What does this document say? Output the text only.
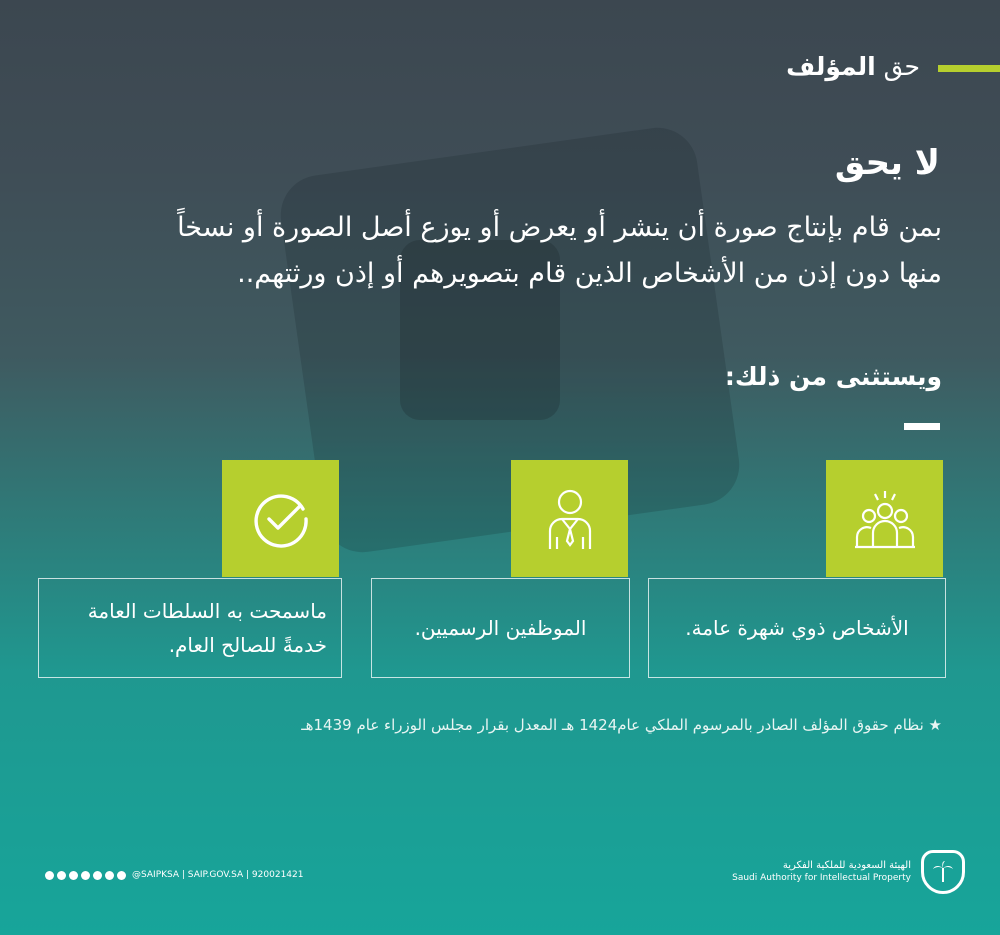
حق المؤلف
لا يحق
بمن قام بإنتاج صورة أن ينشر أو يعرض أو يوزع أصل الصورة أو نسخاً منها دون إذن من الأشخاص الذين قام بتصويرهم أو إذن ورثتهم..
ويستثنى من ذلك:
الأشخاص ذوي شهرة عامة.
الموظفين الرسميين.
ماسمحت به السلطات العامة خدمةً للصالح العام.
★ نظام حقوق المؤلف الصادر بالمرسوم الملكي عام1424 هـ المعدل بقرار مجلس الوزراء عام 1439هـ
@SAIPKSA | SAIP.GOV.SA | 920021421
الهيئة السعودية للملكية الفكرية
Saudi Authority for Intellectual Property
